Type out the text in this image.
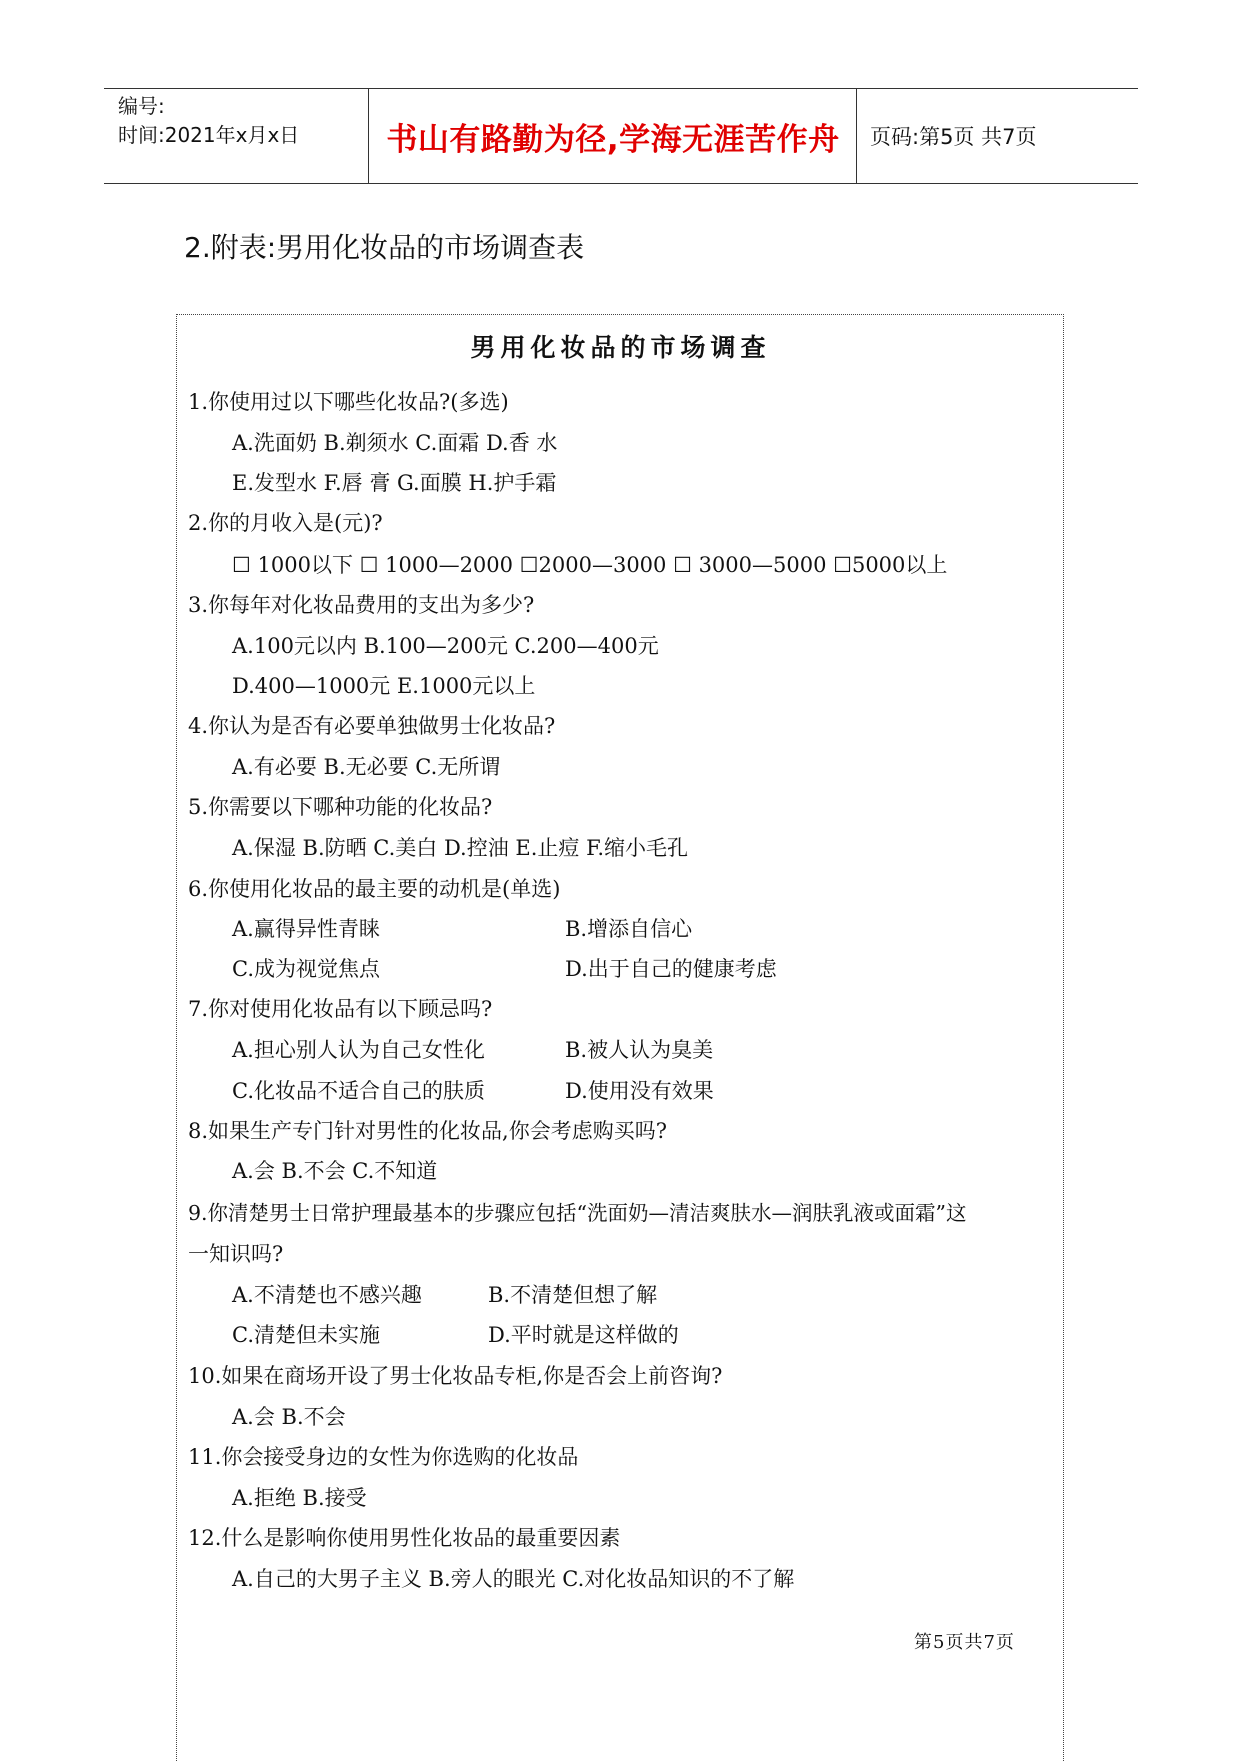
编号:
时间:2021年x月x日	书山有路勤为径,学海无涯苦作舟	页码:第5页 共7页
2.附表:男用化妆品的市场调查表
男用化妆品的市场调查
1.你使用过以下哪些化妆品?(多选)
A.洗面奶 B.剃须水 C.面霜 D.香 水
E.发型水 F.唇 膏 G.面膜 H.护手霜
2.你的月收入是(元)?
☐ 1000以下 ☐ 1000—2000 ☐2000—3000 ☐ 3000—5000 ☐5000以上
3.你每年对化妆品费用的支出为多少?
A.100元以内 B.100—200元 C.200—400元
D.400—1000元 E.1000元以上
4.你认为是否有必要单独做男士化妆品?
A.有必要 B.无必要 C.无所谓
5.你需要以下哪种功能的化妆品?
A.保湿 B.防晒 C.美白 D.控油 E.止痘 F.缩小毛孔
6.你使用化妆品的最主要的动机是(单选)
A.赢得异性青睐	B.增添自信心
C.成为视觉焦点	D.出于自己的健康考虑
7.你对使用化妆品有以下顾忌吗?
A.担心别人认为自己女性化	B.被人认为臭美
C.化妆品不适合自己的肤质	D.使用没有效果
8.如果生产专门针对男性的化妆品,你会考虑购买吗?
A.会 B.不会 C.不知道
9.你清楚男士日常护理最基本的步骤应包括“洗面奶—清洁爽肤水—润肤乳液或面霜”这
一知识吗?
A.不清楚也不感兴趣	B.不清楚但想了解
C.清楚但未实施	D.平时就是这样做的
10.如果在商场开设了男士化妆品专柜,你是否会上前咨询?
A.会 B.不会
11.你会接受身边的女性为你选购的化妆品
A.拒绝 B.接受
12.什么是影响你使用男性化妆品的最重要因素
A.自己的大男子主义 B.旁人的眼光 C.对化妆品知识的不了解
第5页共7页
